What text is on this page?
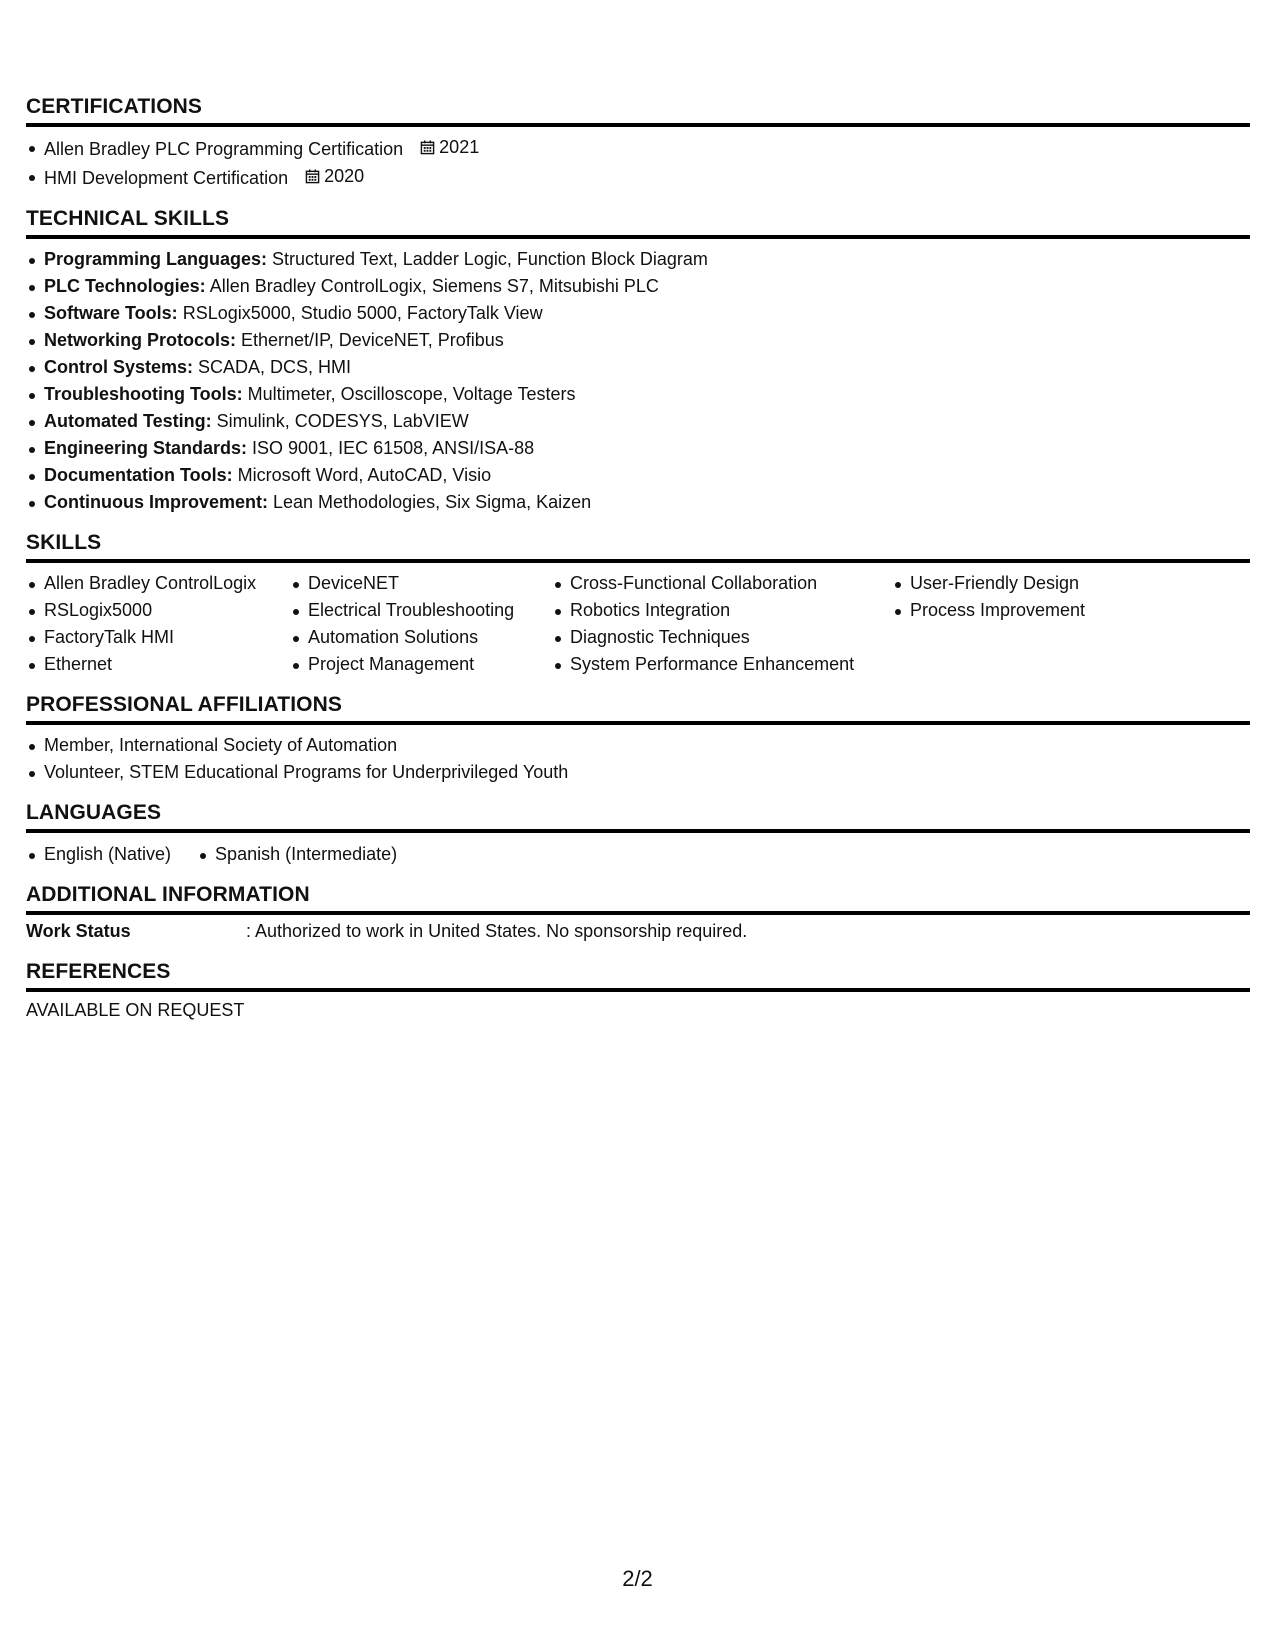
CERTIFICATIONS
Allen Bradley PLC Programming Certification 2021
HMI Development Certification 2020
TECHNICAL SKILLS
Programming Languages: Structured Text, Ladder Logic, Function Block Diagram
PLC Technologies: Allen Bradley ControlLogix, Siemens S7, Mitsubishi PLC
Software Tools: RSLogix5000, Studio 5000, FactoryTalk View
Networking Protocols: Ethernet/IP, DeviceNET, Profibus
Control Systems: SCADA, DCS, HMI
Troubleshooting Tools: Multimeter, Oscilloscope, Voltage Testers
Automated Testing: Simulink, CODESYS, LabVIEW
Engineering Standards: ISO 9001, IEC 61508, ANSI/ISA-88
Documentation Tools: Microsoft Word, AutoCAD, Visio
Continuous Improvement: Lean Methodologies, Six Sigma, Kaizen
SKILLS
Allen Bradley ControlLogix
RSLogix5000
FactoryTalk HMI
Ethernet
DeviceNET
Electrical Troubleshooting
Automation Solutions
Project Management
Cross-Functional Collaboration
Robotics Integration
Diagnostic Techniques
System Performance Enhancement
User-Friendly Design
Process Improvement
PROFESSIONAL AFFILIATIONS
Member, International Society of Automation
Volunteer, STEM Educational Programs for Underprivileged Youth
LANGUAGES
English (Native)	Spanish (Intermediate)
ADDITIONAL INFORMATION
Work Status	: Authorized to work in United States. No sponsorship required.
REFERENCES
AVAILABLE ON REQUEST
2/2
